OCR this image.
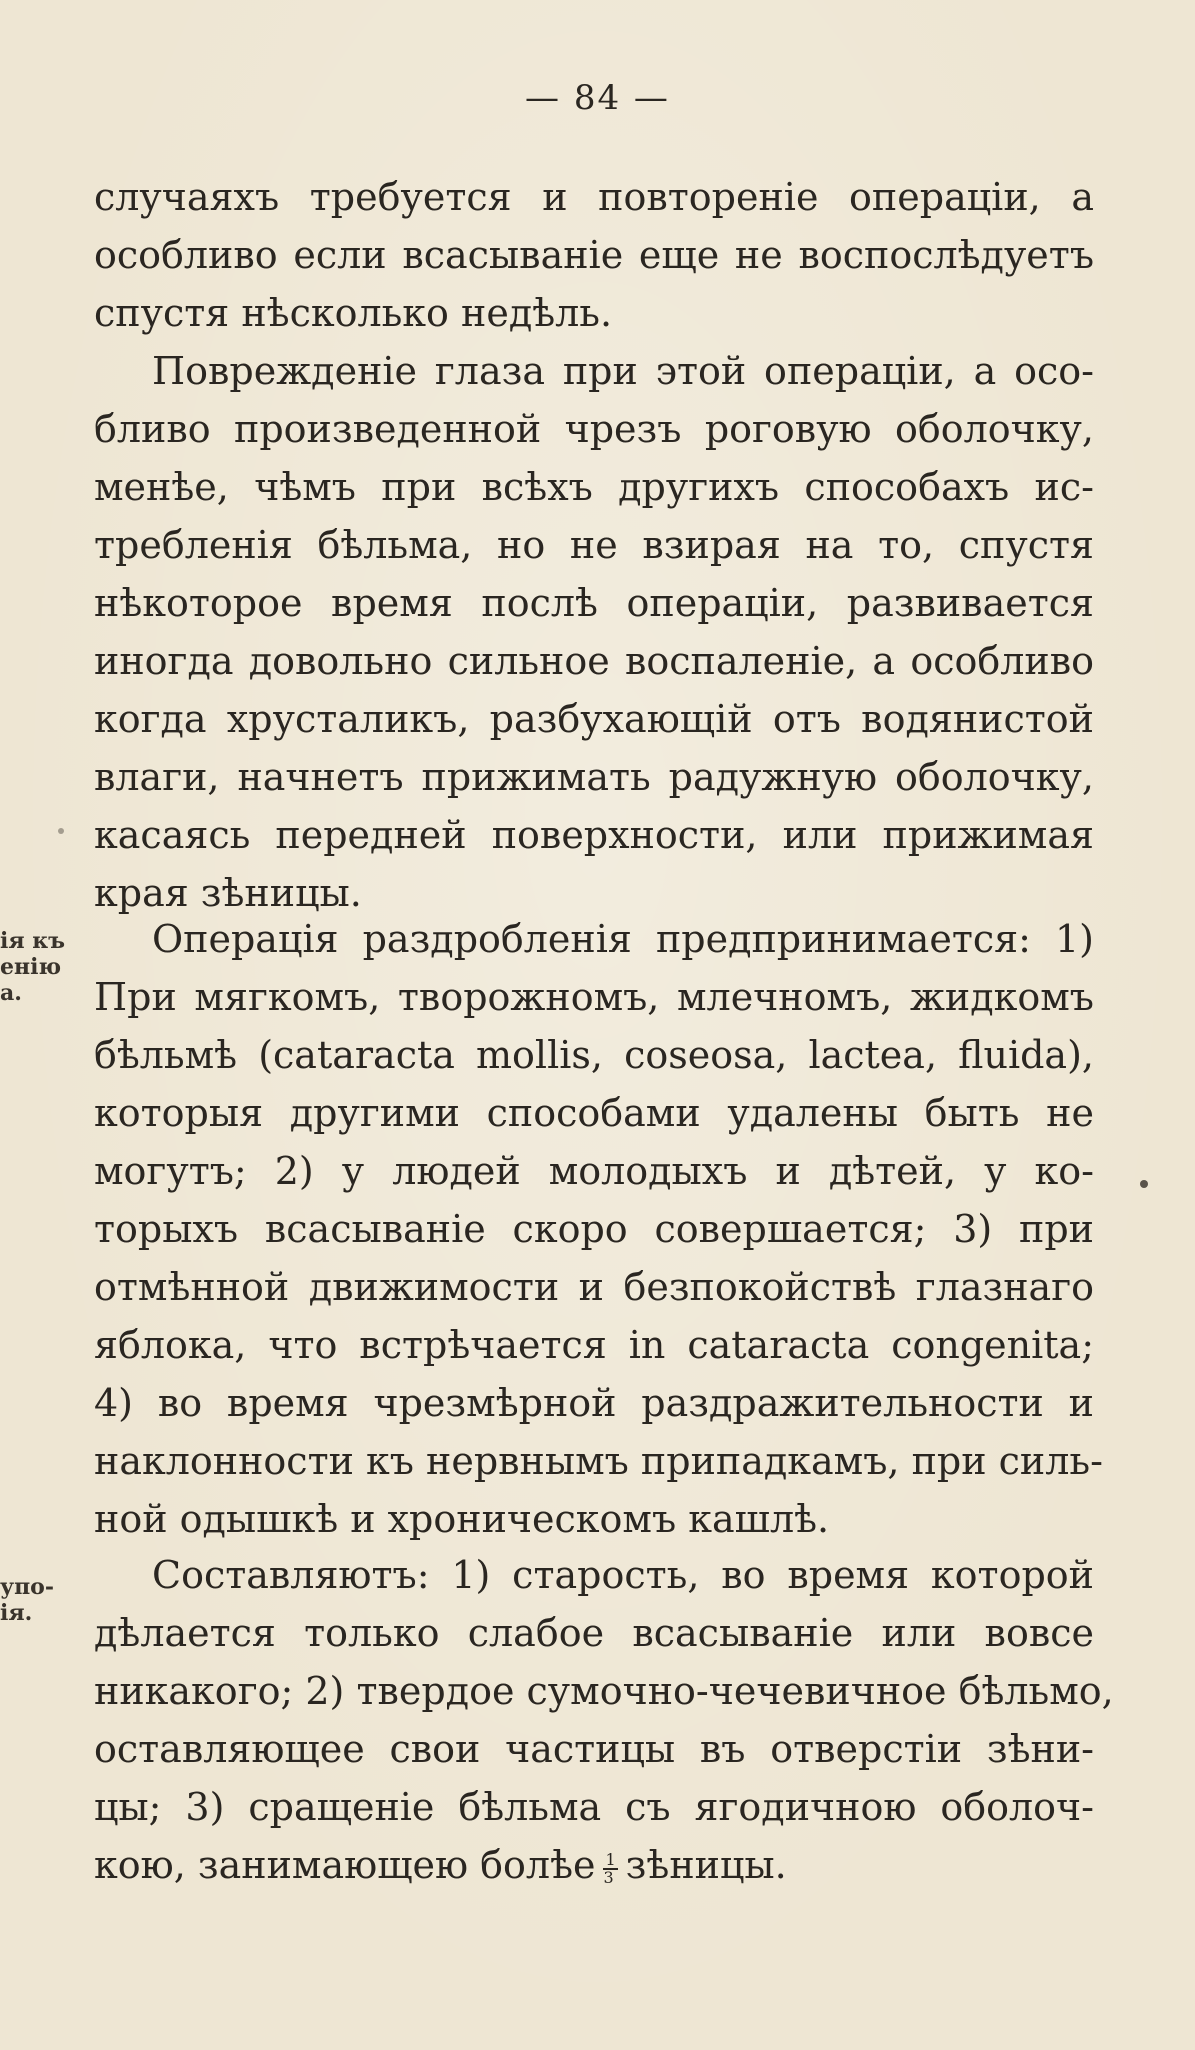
— 84 —
случаяхъ требуется и повторенiе операцiи, а
особливо если всасыванiе еще не воспослѣдуетъ
спустя нѣсколько недѣль.
Поврежденiе глаза при этой операцiи, а осо-
бливо произведенной чрезъ роговую оболочку,
менѣе, чѣмъ при всѣхъ другихъ способахъ ис-
требленiя бѣльма, но не взирая на то, спустя
нѣкоторое время послѣ операцiи, развивается
иногда довольно сильное воспаленiе, а особливо
когда хрусталикъ, разбухающiй отъ водянистой
влаги, начнетъ прижимать радужную оболочку,
касаясь передней поверхности, или прижимая
края зѣницы.
ія къ
енію
а.
Операцiя раздробленiя предпринимается: 1)
При мягкомъ, творожномъ, млечномъ, жидкомъ
бѣльмѣ (cataracta mollis, coseosa, lactea, fluida),
которыя другими способами удалены быть не
могутъ; 2) у людей молодыхъ и дѣтей, у ко-
торыхъ всасыванiе скоро совершается; 3) при
отмѣнной движимости и безпокойствѣ глазнаго
яблока, что встрѣчается in cataracta congenita;
4) во время чрезмѣрной раздражительности и
наклонности къ нервнымъ припадкамъ, при силь-
ной одышкѣ и хроническомъ кашлѣ.
упо-
ія.
Составляютъ: 1) старость, во время которой
дѣлается только слабое всасыванiе или вовсе
никакого; 2) твердое сумочно-чечевичное бѣльмо,
оставляющее свои частицы въ отверстiи зѣни-
цы; 3) сращенiе бѣльма съ ягодичною оболоч-
кою, занимающею болѣе $\frac{1}{3}$ зѣницы.
